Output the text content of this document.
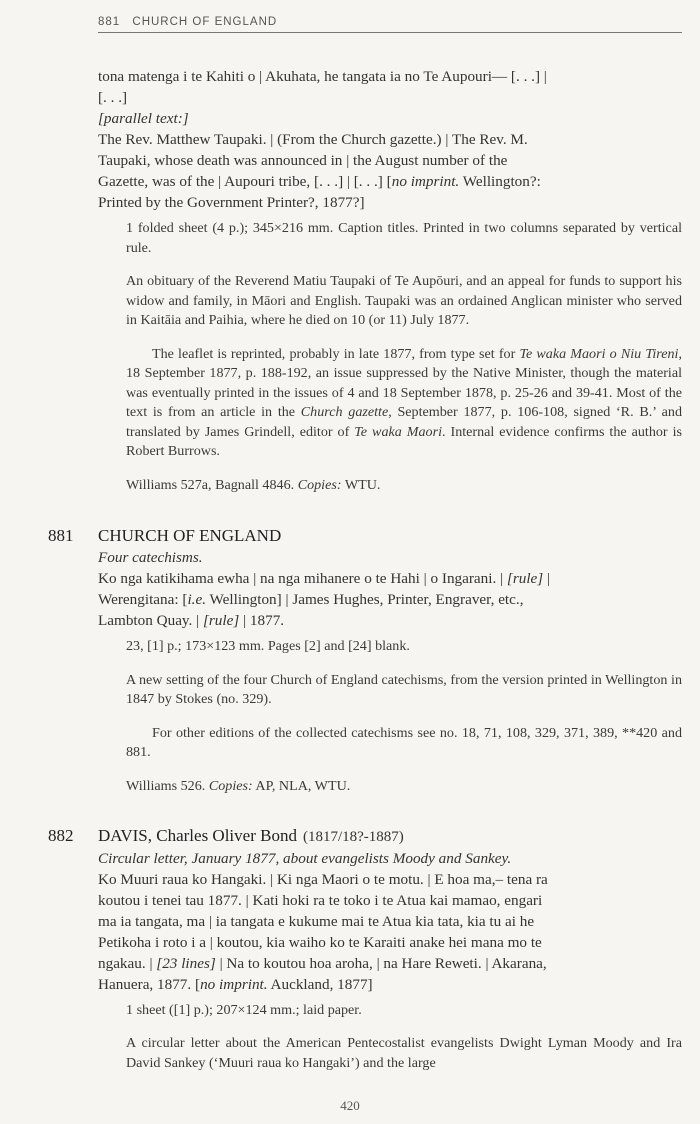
881 CHURCH OF ENGLAND

tona matenga i te Kahiti o | Akuhata, he tangata ia no Te Aupouri— [. . .] |

[. . .]

[parallel text:]

The Rev. Matthew Taupaki. | (From the Church gazette.) | The Rev. M.

Taupaki, whose death was announced in | the August number of the

Gazette, was of the | Aupouri tribe, [. . .] | [. . .] [no imprint. Wellington?:

Printed by the Government Printer?, 1877?]

1 folded sheet (4 p.); 345×216 mm. Caption titles. Printed in two columns separated by vertical rule.

An obituary of the Reverend Matiu Taupaki of Te Aupōuri, and an appeal for funds to support his widow and family, in Māori and English. Taupaki was an ordained Anglican minister who served in Kaitāia and Paihia, where he died on 10 (or 11) July 1877.

The leaflet is reprinted, probably in late 1877, from type set for Te waka Maori o Niu Tireni, 18 September 1877, p. 188-192, an issue suppressed by the Native Minister, though the material was eventually printed in the issues of 4 and 18 September 1878, p. 25-26 and 39-41. Most of the text is from an article in the Church gazette, September 1877, p. 106-108, signed ‘R. B.’ and translated by James Grindell, editor of Te waka Maori. Internal evidence confirms the author is Robert Burrows.

Williams 527a, Bagnall 4846. Copies: WTU.

881 CHURCH OF ENGLAND

Four catechisms.

Ko nga katikihama ewha | na nga mihanere o te Hahi | o Ingarani. | [rule] |

Werengitana: [i.e. Wellington] | James Hughes, Printer, Engraver, etc.,

Lambton Quay. | [rule] | 1877.

23, [1] p.; 173×123 mm. Pages [2] and [24] blank.

A new setting of the four Church of England catechisms, from the version printed in Wellington in 1847 by Stokes (no. 329).

For other editions of the collected catechisms see no. 18, 71, 108, 329, 371, 389, **420 and 881.

Williams 526. Copies: AP, NLA, WTU.

882 DAVIS, Charles Oliver Bond (1817/18?-1887)

Circular letter, January 1877, about evangelists Moody and Sankey.

Ko Muuri raua ko Hangaki. | Ki nga Maori o te motu. | E hoa ma,– tena ra

koutou i tenei tau 1877. | Kati hoki ra te toko i te Atua kai mamao, engari

ma ia tangata, ma | ia tangata e kukume mai te Atua kia tata, kia tu ai he

Petikoha i roto i a | koutou, kia waiho ko te Karaiti anake hei mana mo te

ngakau. | [23 lines] | Na to koutou hoa aroha, | na Hare Reweti. | Akarana,

Hanuera, 1877. [no imprint. Auckland, 1877]

1 sheet ([1] p.); 207×124 mm.; laid paper.

A circular letter about the American Pentecostalist evangelists Dwight Lyman Moody and Ira David Sankey (‘Muuri raua ko Hangaki’) and the large

420
